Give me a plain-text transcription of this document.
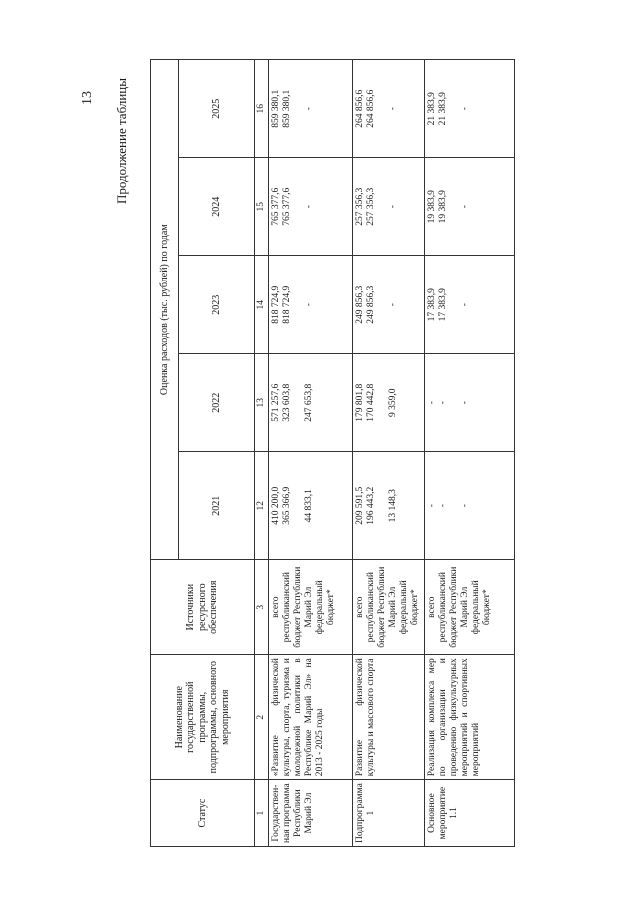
13 Продолжение таблицы
Статус	Наименование государственной программы, подпрограммы, основного мероприятия	Источники ресурсного обеспечения	Оценка расходов (тыс. рублей) по годам				
			2021	2022	2023	2024	2025
1	2	3	12	13	14	15	16
Государствен-ная программа Республики Марий Эл	«Развитие физической культуры, спорта, туризма и молодежной политики в Республике Марий Эл» на 2013 - 2025 годы	всего республиканский бюджет Республики Марий Эл федеральный бюджет*	410 200,0 365 366,9 44 833,1	571 257,6 323 603,8 247 653,8	818 724,9 818 724,9 -	765 377,6 765 377,6 -	859 380,1 859 380,1 -

Подпрограмма 1	Развитие физической культуры и массового спорта	всего республиканский бюджет Республики Марий Эл федеральный бюджет*	209 591,5 196 443,2 13 148,3	179 801,8 170 442,8 9 359,0	249 856,3 249 856,3 -	257 356,3 257 356,3 -	264 856,6 264 856,6 -

Основное мероприятие 1.1	Реализация комплекса мер по организации и проведению физкультурных мероприятий и спортивных мероприятий	всего республиканский бюджет Республики Марий Эл федеральный бюджет*	- - -	- - -	17 383,9 17 383,9 -	19 383,9 19 383,9 -	21 383,9 21 383,9 -
